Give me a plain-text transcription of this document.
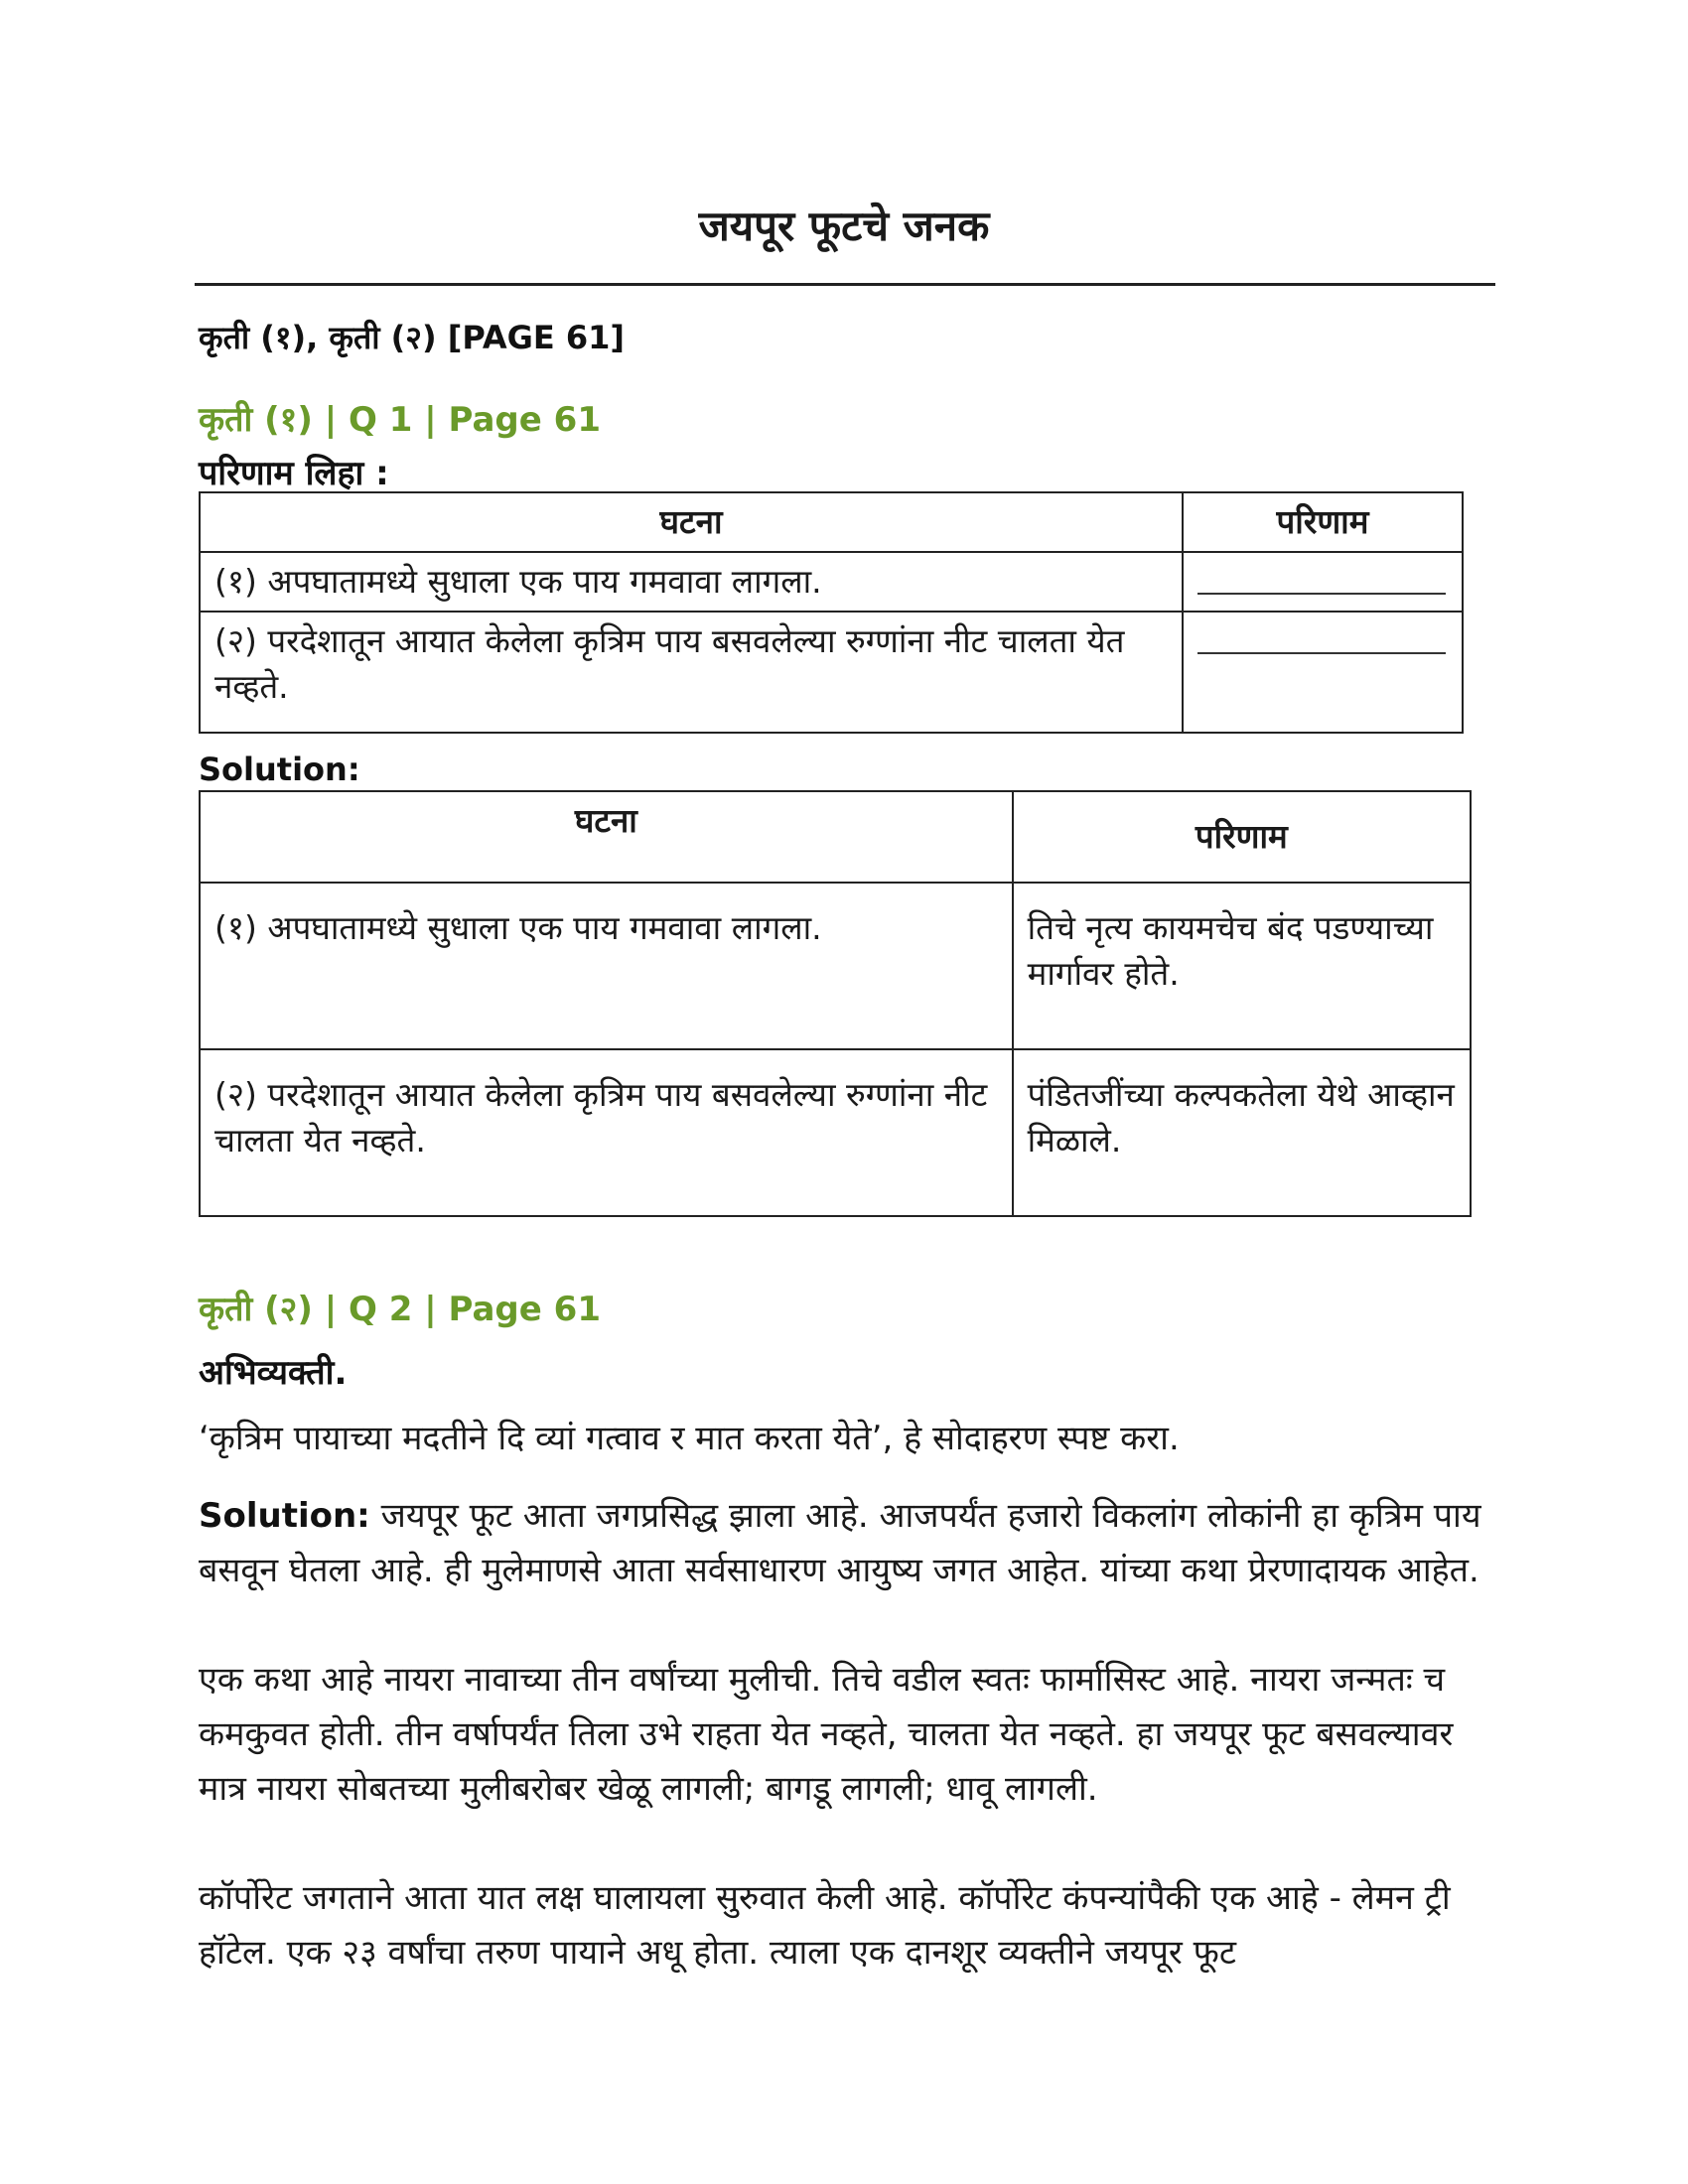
जयपूर फूटचे जनक

कृती (१), कृती (२) [PAGE 61]

कृती (१) | Q 1 | Page 61

परिणाम लिहा :

घटना	परिणाम
(१) अपघातामध्ये सुधाला एक पाय गमवावा लागला.	

(२) परदेशातून आयात केलेला कृत्रिम पाय बसवलेल्या रुग्णांना नीट चालता येत नव्हते.	

Solution:

घटना	परिणाम
(१) अपघातामध्ये सुधाला एक पाय गमवावा लागला.	तिचे नृत्य कायमचेच बंद पडण्याच्या मार्गावर होते.
(२) परदेशातून आयात केलेला कृत्रिम पाय बसवलेल्या रुग्णांना नीट चालता येत नव्हते.	पंडितजींच्या कल्पकतेला येथे आव्हान मिळाले.

कृती (२) | Q 2 | Page 61

अभिव्यक्ती.

‘कृत्रिम पायाच्या मदतीने दि व्यां गत्वाव र मात करता येते’, हे सोदाहरण स्पष्ट करा.

Solution: जयपूर फूट आता जगप्रसिद्ध झाला आहे. आजपर्यंत हजारो विकलांग लोकांनी हा कृत्रिम पाय बसवून घेतला आहे. ही मुलेमाणसे आता सर्वसाधारण आयुष्य जगत आहेत. यांच्या कथा प्रेरणादायक आहेत.

एक कथा आहे नायरा नावाच्या तीन वर्षांच्या मुलीची. तिचे वडील स्वतः फार्मासिस्ट आहे. नायरा जन्मतः च कमकुवत होती. तीन वर्षापर्यंत तिला उभे राहता येत नव्हते, चालता येत नव्हते. हा जयपूर फूट बसवल्यावर मात्र नायरा सोबतच्या मुलीबरोबर खेळू लागली; बागडू लागली; धावू लागली.

कॉर्पोरेट जगताने आता यात लक्ष घालायला सुरुवात केली आहे. कॉर्पोरेट कंपन्यांपैकी एक आहे - लेमन ट्री हॉटेल. एक २३ वर्षांचा तरुण पायाने अधू होता. त्याला एक दानशूर व्यक्तीने जयपूर फूट
